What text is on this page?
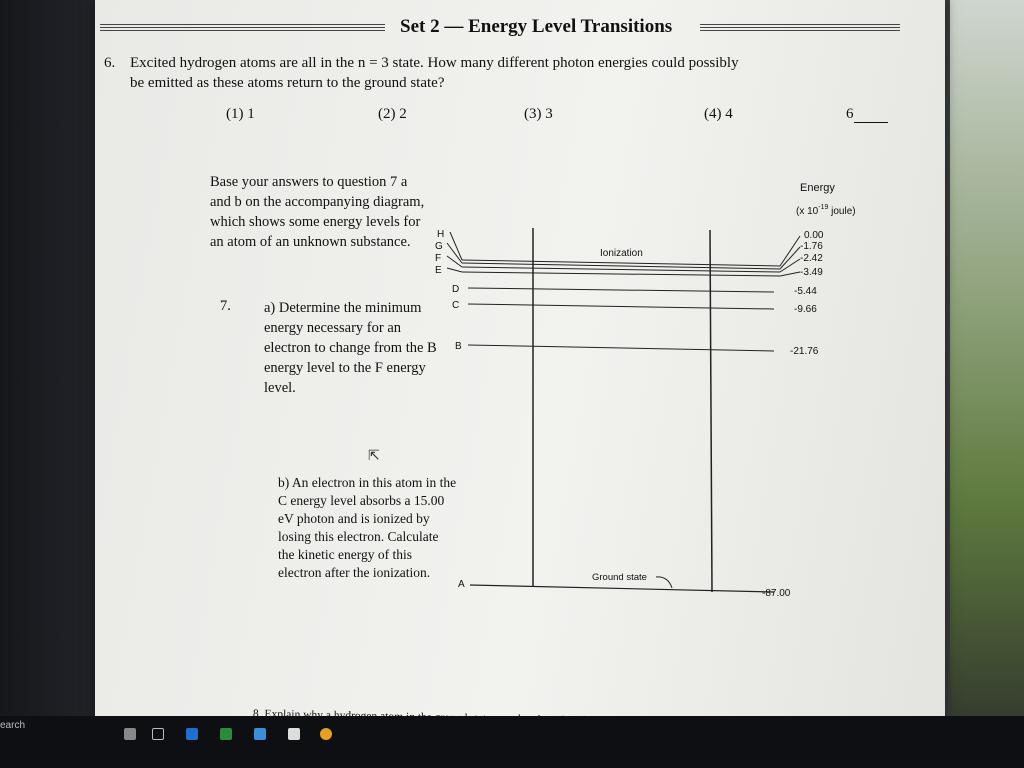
Set 2 — Energy Level Transitions
6. Excited hydrogen atoms are all in the n = 3 state. How many different photon energies could possibly be emitted as these atoms return to the ground state?
(1) 1	(2) 2	(3) 3	(4) 4	6
Base your answers to question 7 a and b on the accompanying diagram, which shows some energy levels for an atom of an unknown substance.
7. a) Determine the minimum energy necessary for an electron to change from the B energy level to the F energy level.
b) An electron in this atom in the C energy level absorbs a 15.00 eV photon and is ionized by losing this electron. Calculate the kinetic energy of this electron after the ionization.
H
G
F
E
D
C
B
A
0.00
-1.76
-2.42
-3.49
-5.44
-9.66
-21.76
-87.00
Energy
(x $10^{-19}$ joule)
Ionization
Ground state
⇱
earch
